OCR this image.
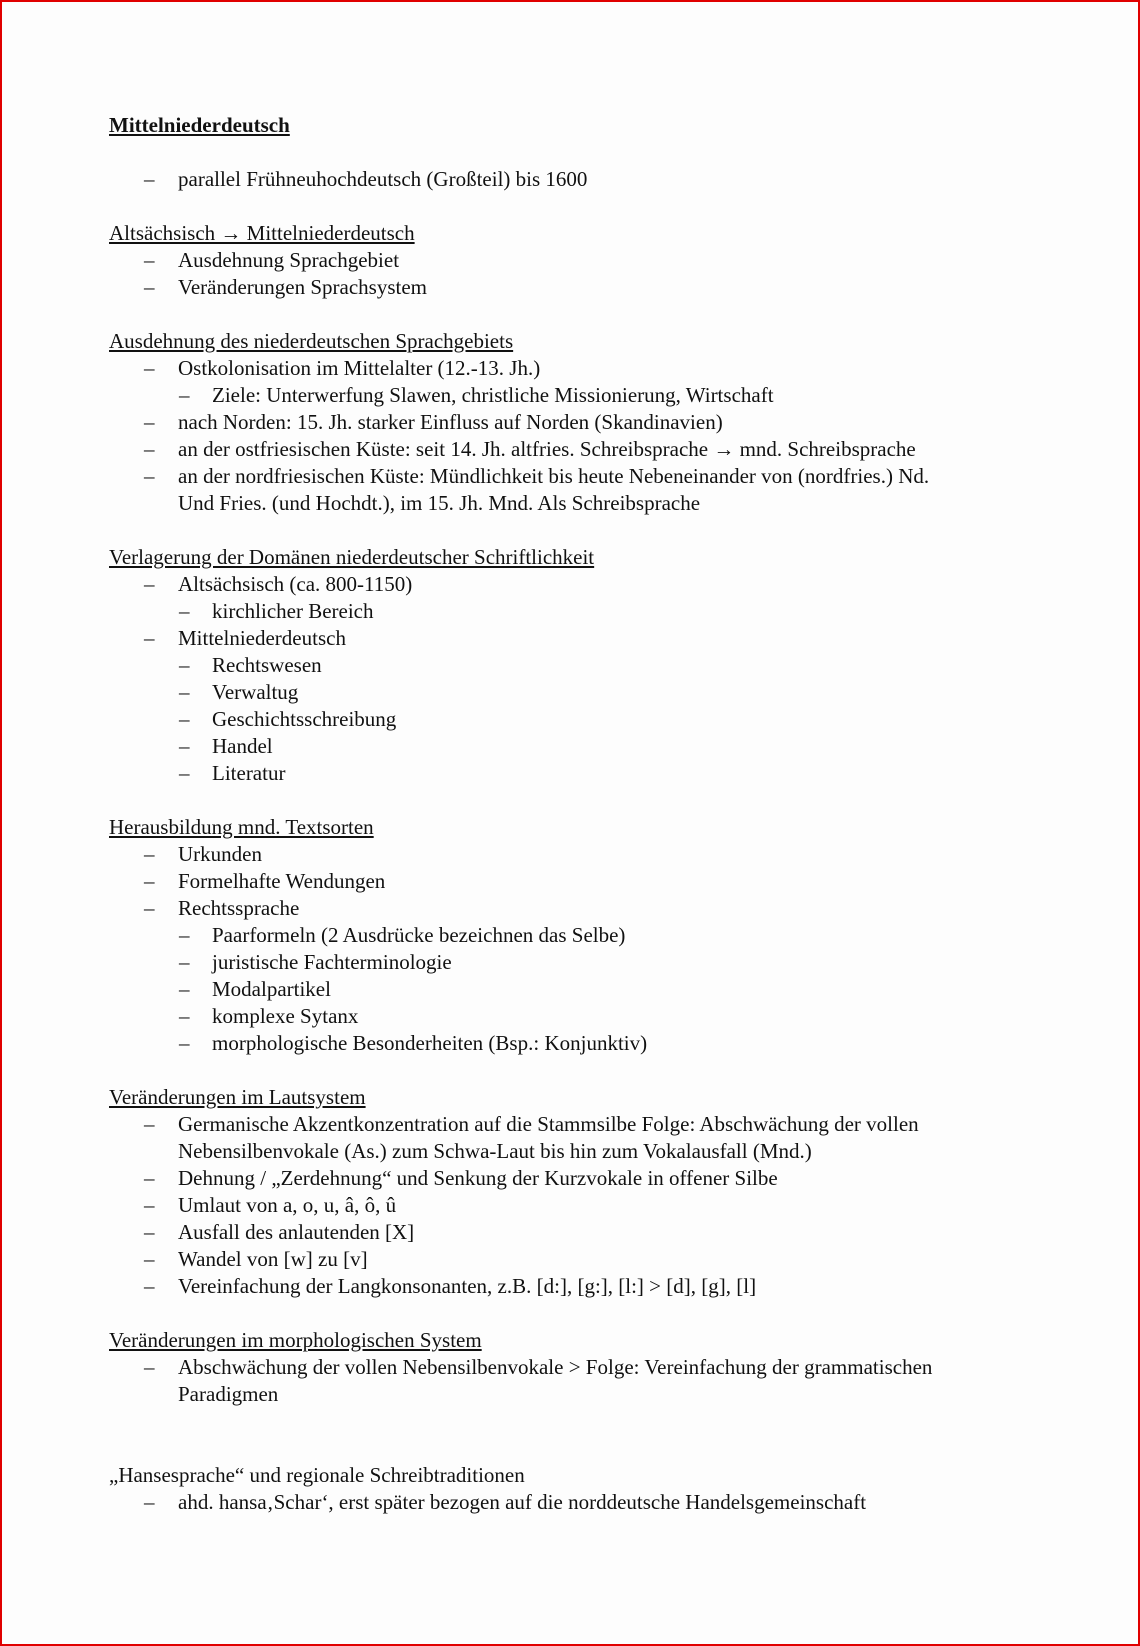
Mittelniederdeutsch
– parallel Frühneuhochdeutsch (Großteil) bis 1600
Altsächsisch → Mittelniederdeutsch
– Ausdehnung Sprachgebiet
– Veränderungen Sprachsystem
Ausdehnung des niederdeutschen Sprachgebiets
– Ostkolonisation im Mittelalter (12.-13. Jh.)
– Ziele: Unterwerfung Slawen, christliche Missionierung, Wirtschaft
– nach Norden: 15. Jh. starker Einfluss auf Norden (Skandinavien)
– an der ostfriesischen Küste: seit 14. Jh. altfries. Schreibsprache → mnd. Schreibsprache
– an der nordfriesischen Küste: Mündlichkeit bis heute Nebeneinander von (nordfries.) Nd.
Und Fries. (und Hochdt.), im 15. Jh. Mnd. Als Schreibsprache
Verlagerung der Domänen niederdeutscher Schriftlichkeit
– Altsächsisch (ca. 800-1150)
– kirchlicher Bereich
– Mittelniederdeutsch
– Rechtswesen
– Verwaltug
– Geschichtsschreibung
– Handel
– Literatur
Herausbildung mnd. Textsorten
– Urkunden
– Formelhafte Wendungen
– Rechtssprache
– Paarformeln (2 Ausdrücke bezeichnen das Selbe)
– juristische Fachterminologie
– Modalpartikel
– komplexe Sytanx
– morphologische Besonderheiten (Bsp.: Konjunktiv)
Veränderungen im Lautsystem
– Germanische Akzentkonzentration auf die Stammsilbe Folge: Abschwächung der vollen
Nebensilbenvokale (As.) zum Schwa-Laut bis hin zum Vokalausfall (Mnd.)
– Dehnung / „Zerdehnung“ und Senkung der Kurzvokale in offener Silbe
– Umlaut von a, o, u, â, ô, û
– Ausfall des anlautenden [X]
– Wandel von [w] zu [v]
– Vereinfachung der Langkonsonanten, z.B. [d:], [g:], [l:] > [d], [g], [l]
Veränderungen im morphologischen System
– Abschwächung der vollen Nebensilbenvokale > Folge: Vereinfachung der grammatischen
Paradigmen
„Hansesprache“ und regionale Schreibtraditionen
– ahd. hansa‚Schar‘, erst später bezogen auf die norddeutsche Handelsgemeinschaft
